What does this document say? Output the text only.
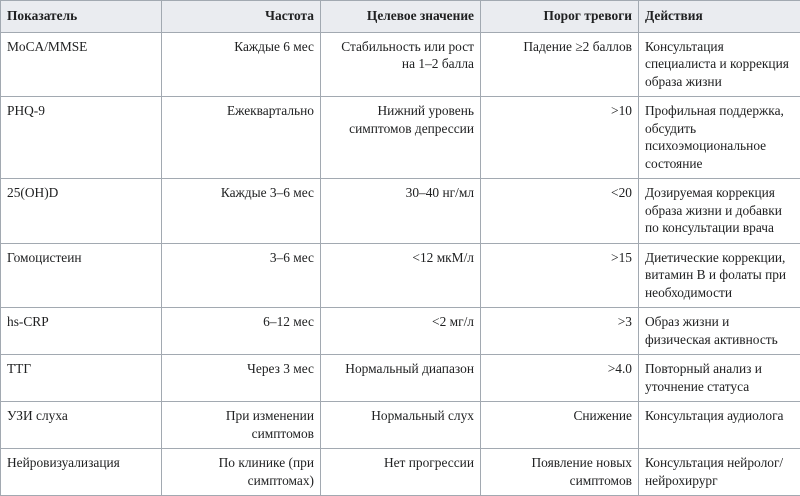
Показатель	Частота	Целевое значение	Порог тревоги	Действия
MoCA/MMSE	Каждые 6 мес	Стабильность или рост на 1–2 балла	Падение ≥2 баллов	Консультация специалиста и коррекция образа жизни
PHQ-9	Ежеквартально	Нижний уровень симптомов депрессии	>10	Профильная поддержка, обсудить психоэмоциональное состояние
25(OH)D	Каждые 3–6 мес	30–40 нг/мл	<20	Дозируемая коррекция образа жизни и добавки по консультации врача
Гомоцистеин	3–6 мес	<12 мкМ/л	>15	Диетические коррекции, витамин B и фолаты при необходимости
hs-CRP	6–12 мес	<2 мг/л	>3	Образ жизни и физическая активность
ТТГ	Через 3 мес	Нормальный диапазон	>4.0	Повторный анализ и уточнение статуса
УЗИ слуха	При изменении симптомов	Нормальный слух	Снижение	Консультация аудиолога
Нейровизуализация	По клинике (при симптомах)	Нет прогрессии	Появление новых симптомов	Консультация нейролог/нейрохирург
